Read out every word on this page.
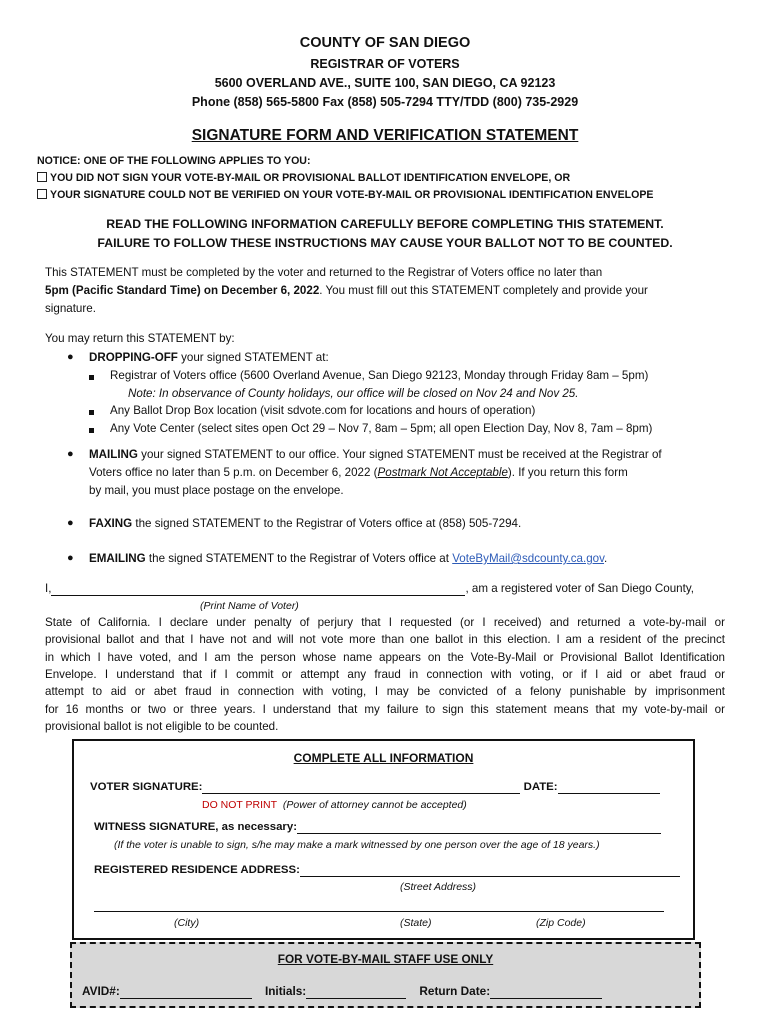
COUNTY OF SAN DIEGO
REGISTRAR OF VOTERS
5600 OVERLAND AVE., SUITE 100, SAN DIEGO, CA 92123
Phone (858) 565-5800 Fax (858) 505-7294 TTY/TDD (800) 735-2929
SIGNATURE FORM AND VERIFICATION STATEMENT
NOTICE: ONE OF THE FOLLOWING APPLIES TO YOU:
YOU DID NOT SIGN YOUR VOTE-BY-MAIL OR PROVISIONAL BALLOT IDENTIFICATION ENVELOPE, OR
YOUR SIGNATURE COULD NOT BE VERIFIED ON YOUR VOTE-BY-MAIL OR PROVISIONAL IDENTIFICATION ENVELOPE
READ THE FOLLOWING INFORMATION CAREFULLY BEFORE COMPLETING THIS STATEMENT.
FAILURE TO FOLLOW THESE INSTRUCTIONS MAY CAUSE YOUR BALLOT NOT TO BE COUNTED.
This STATEMENT must be completed by the voter and returned to the Registrar of Voters office no later than
5pm (Pacific Standard Time) on December 6, 2022. You must fill out this STATEMENT completely and provide your
signature.
You may return this STATEMENT by:
● DROPPING-OFF your signed STATEMENT at:
Registrar of Voters office (5600 Overland Avenue, San Diego 92123, Monday through Friday 8am – 5pm)
Note: In observance of County holidays, our office will be closed on Nov 24 and Nov 25.
Any Ballot Drop Box location (visit sdvote.com for locations and hours of operation)
Any Vote Center (select sites open Oct 29 – Nov 7, 8am – 5pm; all open Election Day, Nov 8, 7am – 8pm)
● MAILING your signed STATEMENT to our office. Your signed STATEMENT must be received at the Registrar of
Voters office no later than 5 p.m. on December 6, 2022 (Postmark Not Acceptable). If you return this form
by mail, you must place postage on the envelope.
● FAXING the signed STATEMENT to the Registrar of Voters office at (858) 505-7294.
● EMAILING the signed STATEMENT to the Registrar of Voters office at VoteByMail@sdcounty.ca.gov.
I,	, am a registered voter of San Diego County,
(Print Name of Voter)
State of California. I declare under penalty of perjury that I requested (or I received) and returned a vote-by-mail or
provisional ballot and that I have not and will not vote more than one ballot in this election. I am a resident of the precinct
in which I have voted, and I am the person whose name appears on the Vote-By-Mail or Provisional Ballot Identification
Envelope. I understand that if I commit or attempt any fraud in connection with voting, or if I aid or abet fraud or
attempt to aid or abet fraud in connection with voting, I may be convicted of a felony punishable by imprisonment
for 16 months or two or three years. I understand that my failure to sign this statement means that my vote-by-mail or
provisional ballot is not eligible to be counted.
COMPLETE ALL INFORMATION
VOTER SIGNATURE:	DATE:
DO NOT PRINT (Power of attorney cannot be accepted)
WITNESS SIGNATURE, as necessary:
(If the voter is unable to sign, s/he may make a mark witnessed by one person over the age of 18 years.)
REGISTERED RESIDENCE ADDRESS:
(Street Address)
(City)	(State)	(Zip Code)
FOR VOTE-BY-MAIL STAFF USE ONLY
AVID#:	Initials:	Return Date:
